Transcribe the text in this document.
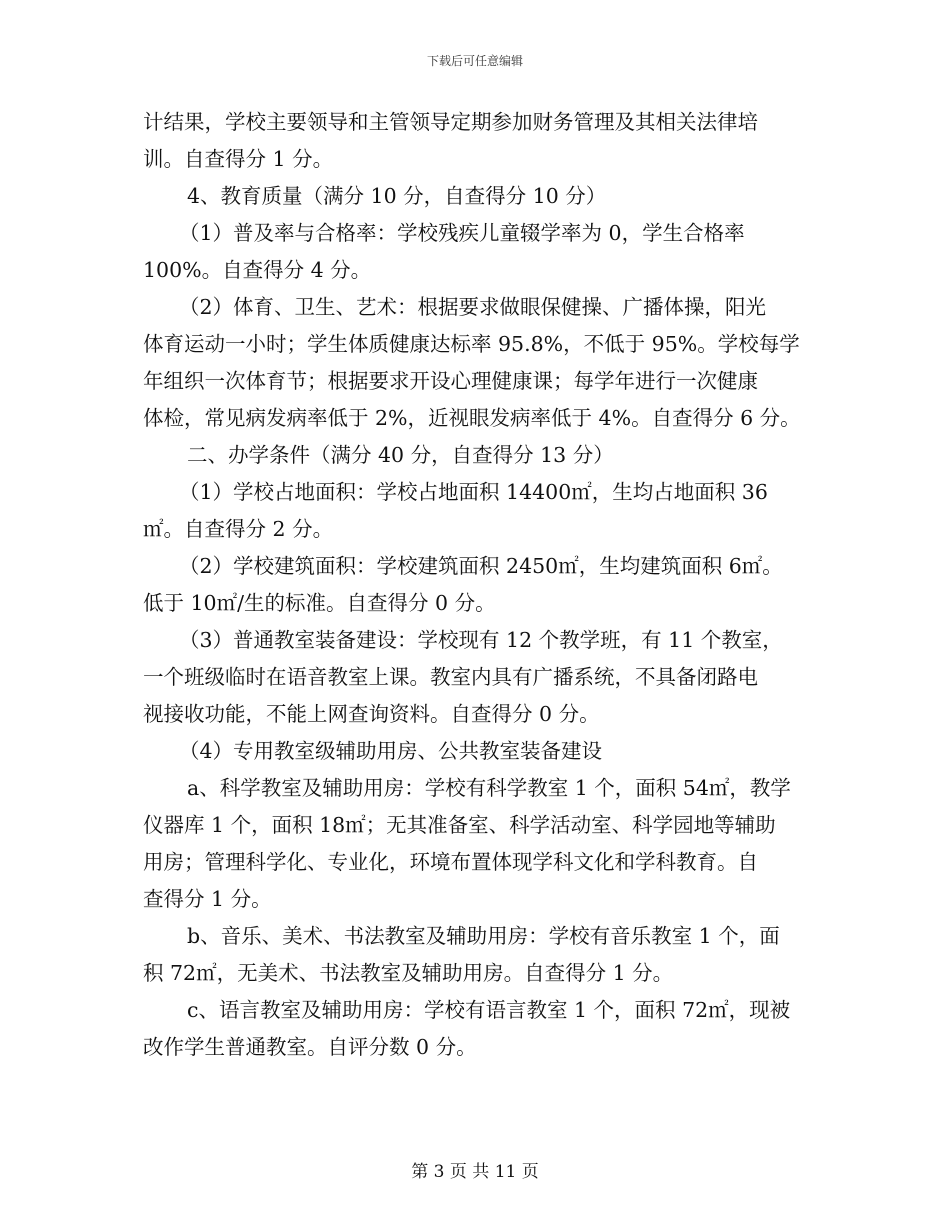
下载后可任意编辑
计结果，学校主要领导和主管领导定期参加财务管理及其相关法律培
训。自查得分 1 分。
4、教育质量（满分 10 分，自查得分 10 分）
（1）普及率与合格率：学校残疾儿童辍学率为 0，学生合格率
100%。自查得分 4 分。
（2）体育、卫生、艺术：根据要求做眼保健操、广播体操，阳光
体育运动一小时；学生体质健康达标率 95.8%，不低于 95%。学校每学
年组织一次体育节；根据要求开设心理健康课；每学年进行一次健康
体检，常见病发病率低于 2%，近视眼发病率低于 4%。自查得分 6 分。
二、办学条件（满分 40 分，自查得分 13 分）
（1）学校占地面积：学校占地面积 14400㎡，生均占地面积 36
㎡。自查得分 2 分。
（2）学校建筑面积：学校建筑面积 2450㎡，生均建筑面积 6㎡。
低于 10㎡/生的标准。自查得分 0 分。
（3）普通教室装备建设：学校现有 12 个教学班，有 11 个教室，
一个班级临时在语音教室上课。教室内具有广播系统，不具备闭路电
视接收功能，不能上网查询资料。自查得分 0 分。
（4）专用教室级辅助用房、公共教室装备建设
a、科学教室及辅助用房：学校有科学教室 1 个，面积 54㎡，教学
仪器库 1 个，面积 18㎡；无其准备室、科学活动室、科学园地等辅助
用房；管理科学化、专业化，环境布置体现学科文化和学科教育。自
查得分 1 分。
b、音乐、美术、书法教室及辅助用房：学校有音乐教室 1 个，面
积 72㎡，无美术、书法教室及辅助用房。自查得分 1 分。
c、语言教室及辅助用房：学校有语言教室 1 个，面积 72㎡，现被
改作学生普通教室。自评分数 0 分。
第 3 页 共 11 页
